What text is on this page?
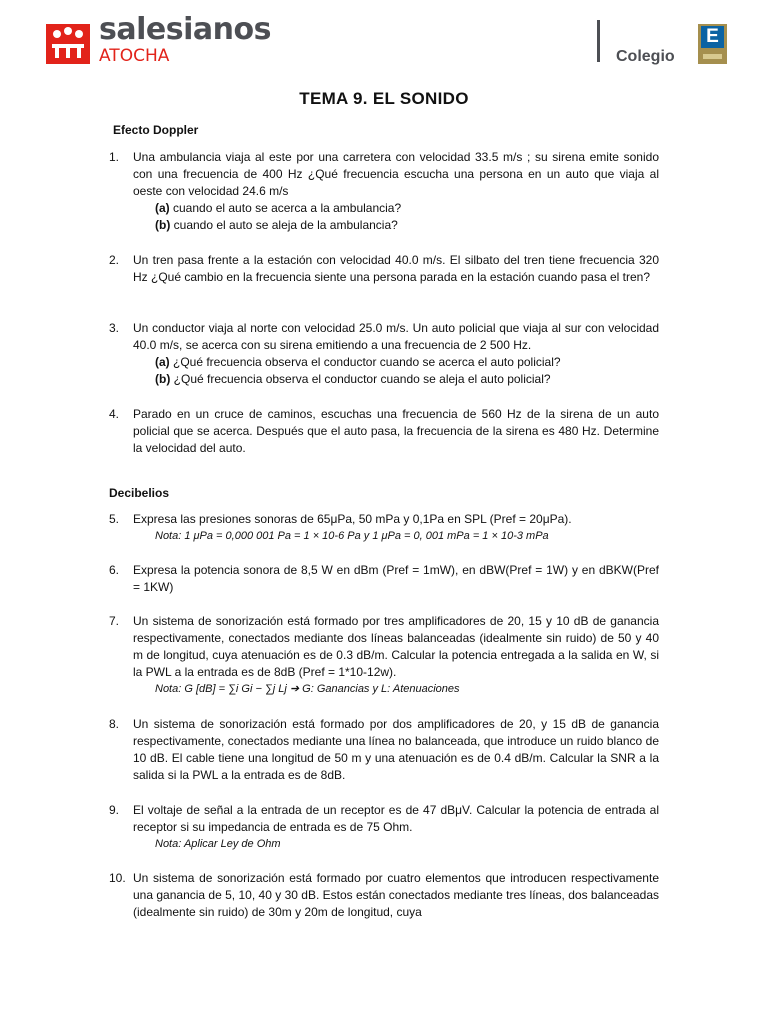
salesianos
ATOCHA	Colegio
E
TEMA 9. EL SONIDO
Efecto Doppler
1.	Una ambulancia viaja al este por una carretera con velocidad 33.5 m/s ; su sirena emite sonido con una frecuencia de 400 Hz ¿Qué frecuencia escucha una persona en un auto que viaja al oeste con velocidad 24.6 m/s
(a) cuando el auto se acerca a la ambulancia?
(b) cuando el auto se aleja de la ambulancia?
2.	Un tren pasa frente a la estación con velocidad 40.0 m/s. El silbato del tren tiene frecuencia 320 Hz ¿Qué cambio en la frecuencia siente una persona parada en la estación cuando pasa el tren?
3.	Un conductor viaja al norte con velocidad 25.0 m/s. Un auto policial que viaja al sur con velocidad 40.0 m/s, se acerca con su sirena emitiendo a una frecuencia de 2 500 Hz.
(a) ¿Qué frecuencia observa el conductor cuando se acerca el auto policial?
(b) ¿Qué frecuencia observa el conductor cuando se aleja el auto policial?
4.	Parado en un cruce de caminos, escuchas una frecuencia de 560 Hz de la sirena de un auto policial que se acerca. Después que el auto pasa, la frecuencia de la sirena es 480 Hz. Determine la velocidad del auto.
Decibelios
5.	Expresa las presiones sonoras de 65μPa, 50 mPa y 0,1Pa en SPL (Pref = 20μPa).
Nota: 1 μPa = 0,000 001 Pa = 1 × 10-6 Pa y 1 μPa = 0, 001 mPa = 1 × 10-3 mPa
6.	Expresa la potencia sonora de 8,5 W en dBm (Pref = 1mW), en dBW(Pref = 1W) y en dBKW(Pref = 1KW)
7.	Un sistema de sonorización está formado por tres amplificadores de 20, 15 y 10 dB de ganancia respectivamente, conectados mediante dos líneas balanceadas (idealmente sin ruido) de 50 y 40 m de longitud, cuya atenuación es de 0.3 dB/m. Calcular la potencia entregada a la salida en W, si la PWL a la entrada es de 8dB (Pref = 1*10-12w).
Nota: G [dB] = ∑i Gi − ∑j Lj ➔ G: Ganancias y L: Atenuaciones
8.	Un sistema de sonorización está formado por dos amplificadores de 20, y 15 dB de ganancia respectivamente, conectados mediante una línea no balanceada, que introduce un ruido blanco de 10 dB. El cable tiene una longitud de 50 m y una atenuación es de 0.4 dB/m. Calcular la SNR a la salida si la PWL a la entrada es de 8dB.
9.	El voltaje de señal a la entrada de un receptor es de 47 dBμV. Calcular la potencia de entrada al receptor si su impedancia de entrada es de 75 Ohm.
Nota: Aplicar Ley de Ohm
10. Un sistema de sonorización está formado por cuatro elementos que introducen respectivamente una ganancia de 5, 10, 40 y 30 dB. Estos están conectados mediante tres líneas, dos balanceadas (idealmente sin ruido) de 30m y 20m de longitud, cuya
